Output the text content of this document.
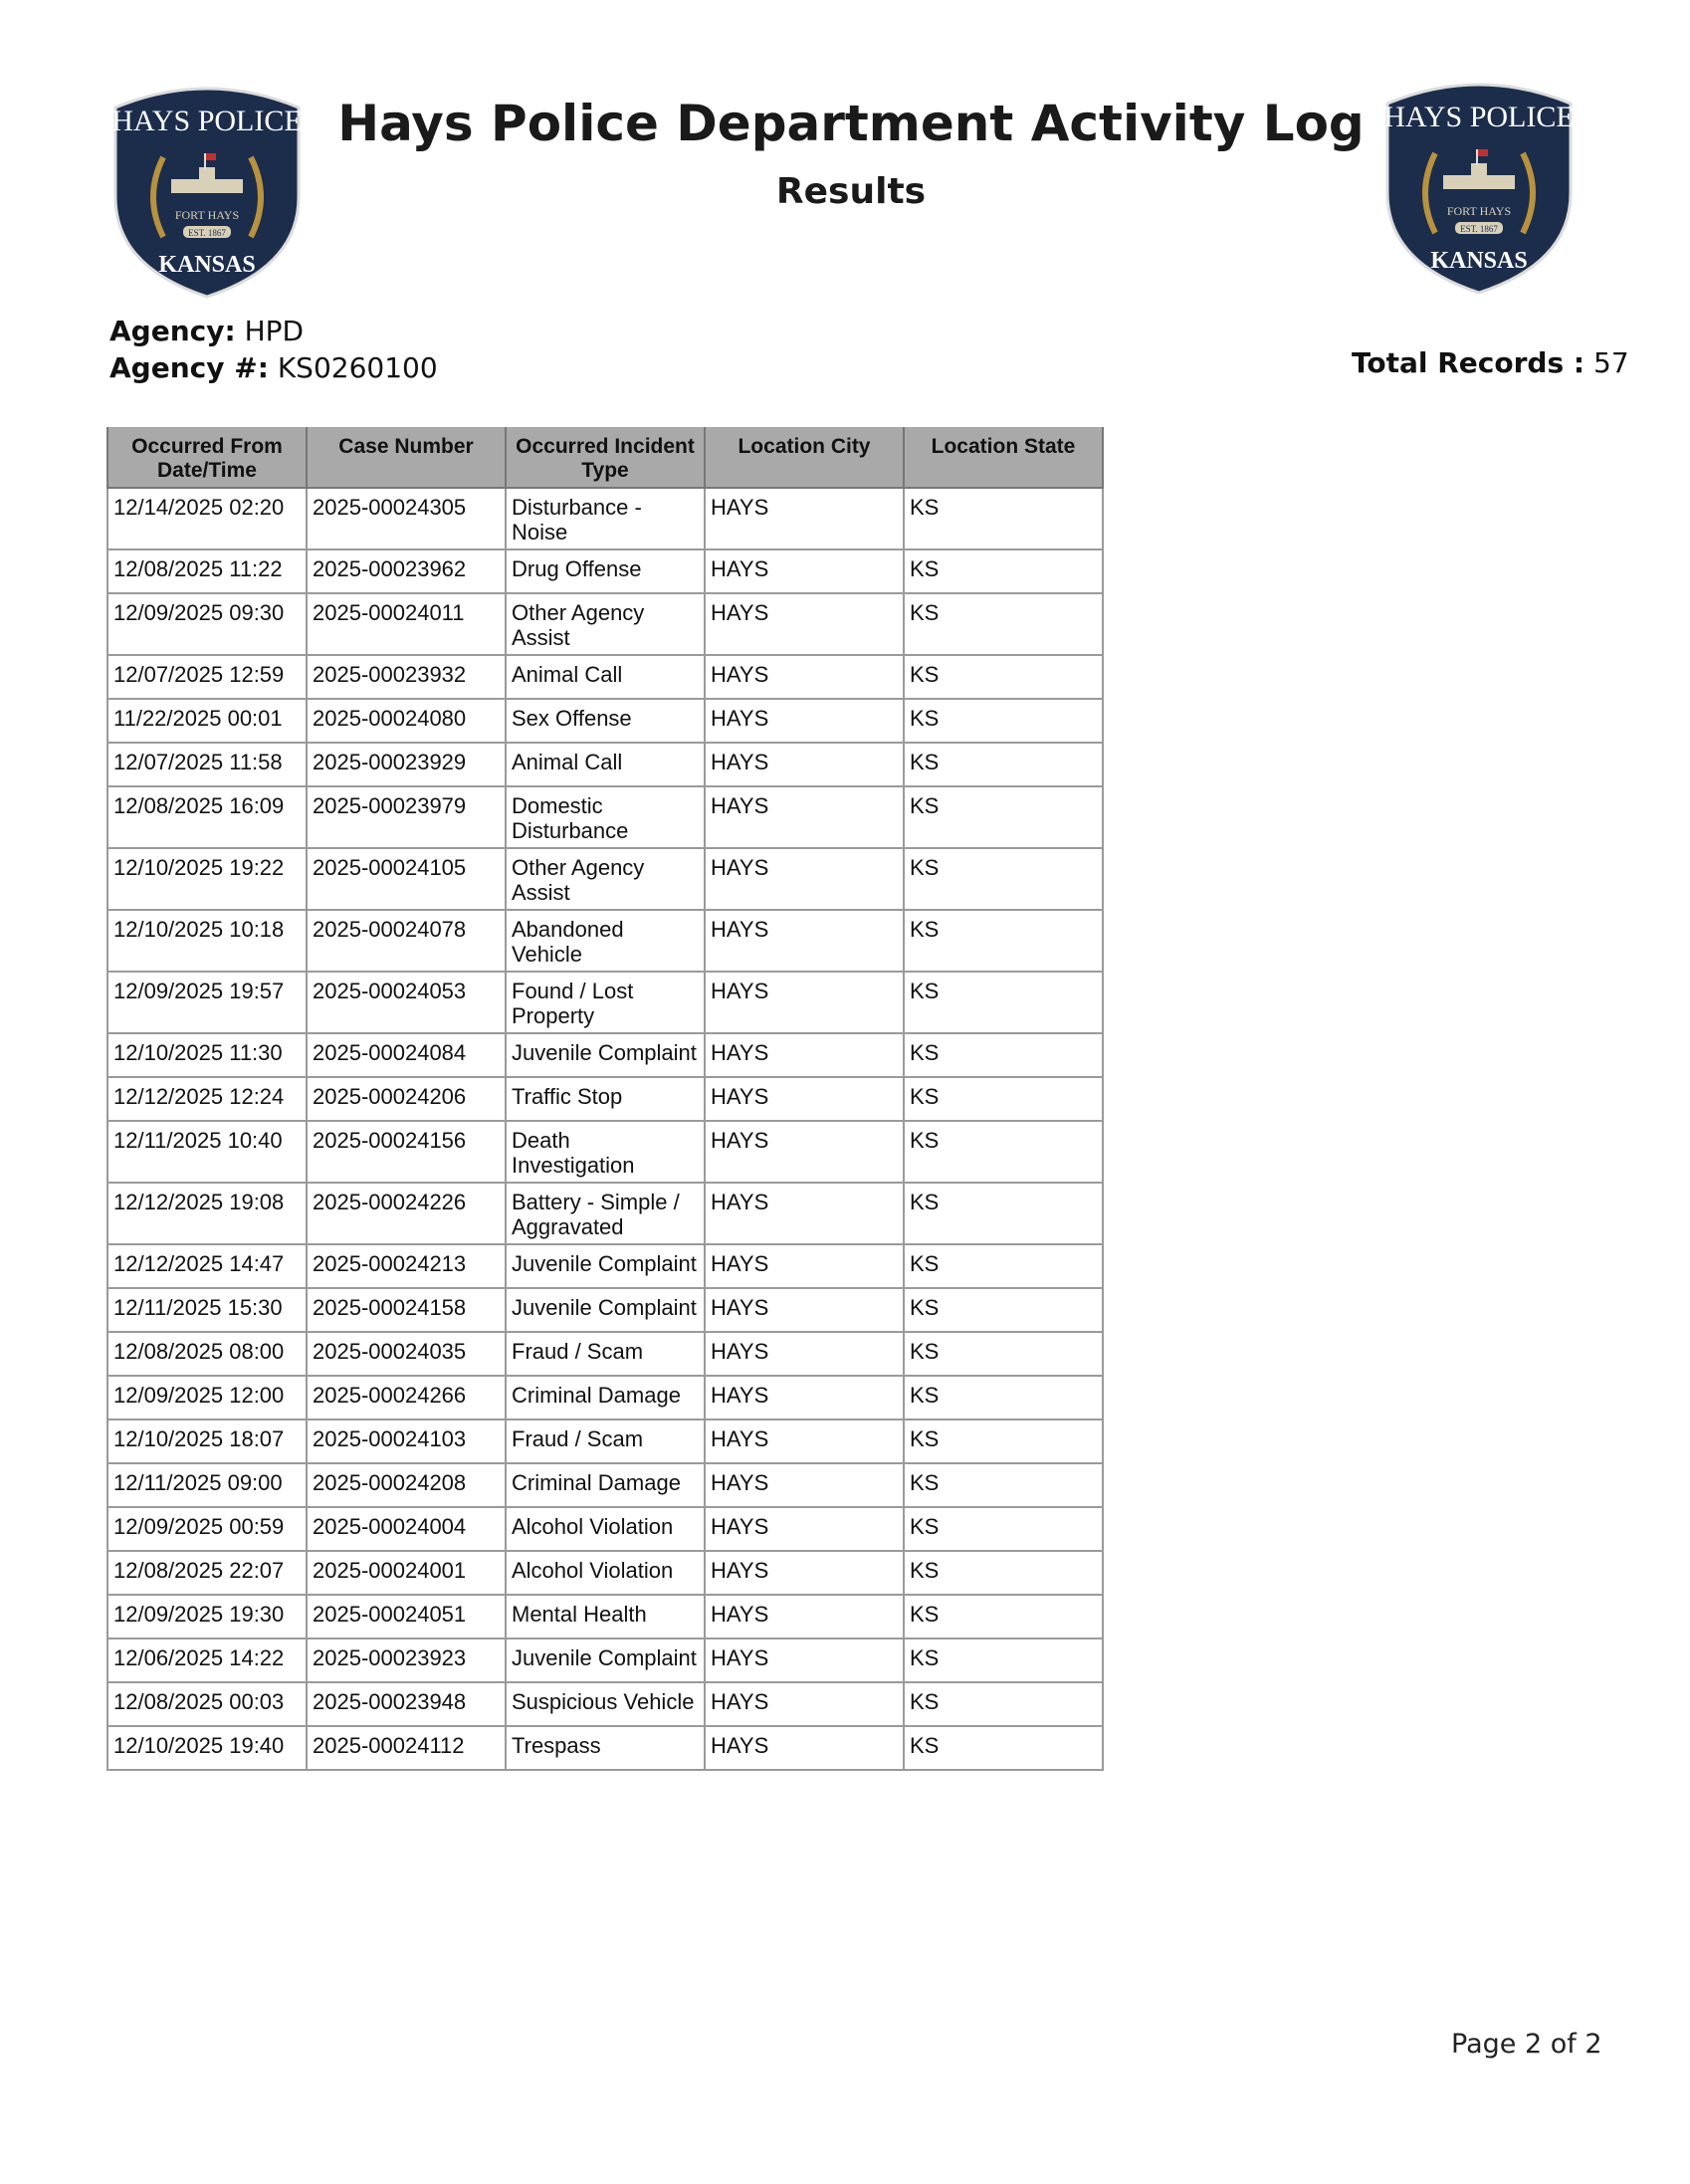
HAYS POLICE
FORT HAYS
EST. 1867
KANSAS
HAYS POLICE
FORT HAYS
EST. 1867
KANSAS
Hays Police Department Activity Log
Results
Agency: HPD
Agency #: KS0260100	Total Records : 57
Occurred From Date/Time	Case Number	Occurred Incident Type	Location City	Location State
12/14/2025 02:20	2025-00024305	Disturbance - Noise	HAYS	KS
12/08/2025 11:22	2025-00023962	Drug Offense	HAYS	KS
12/09/2025 09:30	2025-00024011	Other Agency Assist	HAYS	KS
12/07/2025 12:59	2025-00023932	Animal Call	HAYS	KS
11/22/2025 00:01	2025-00024080	Sex Offense	HAYS	KS
12/07/2025 11:58	2025-00023929	Animal Call	HAYS	KS
12/08/2025 16:09	2025-00023979	Domestic Disturbance	HAYS	KS
12/10/2025 19:22	2025-00024105	Other Agency Assist	HAYS	KS
12/10/2025 10:18	2025-00024078	Abandoned Vehicle	HAYS	KS
12/09/2025 19:57	2025-00024053	Found / Lost Property	HAYS	KS
12/10/2025 11:30	2025-00024084	Juvenile Complaint	HAYS	KS
12/12/2025 12:24	2025-00024206	Traffic Stop	HAYS	KS
12/11/2025 10:40	2025-00024156	Death Investigation	HAYS	KS
12/12/2025 19:08	2025-00024226	Battery - Simple / Aggravated	HAYS	KS
12/12/2025 14:47	2025-00024213	Juvenile Complaint	HAYS	KS
12/11/2025 15:30	2025-00024158	Juvenile Complaint	HAYS	KS
12/08/2025 08:00	2025-00024035	Fraud / Scam	HAYS	KS
12/09/2025 12:00	2025-00024266	Criminal Damage	HAYS	KS
12/10/2025 18:07	2025-00024103	Fraud / Scam	HAYS	KS
12/11/2025 09:00	2025-00024208	Criminal Damage	HAYS	KS
12/09/2025 00:59	2025-00024004	Alcohol Violation	HAYS	KS
12/08/2025 22:07	2025-00024001	Alcohol Violation	HAYS	KS
12/09/2025 19:30	2025-00024051	Mental Health	HAYS	KS
12/06/2025 14:22	2025-00023923	Juvenile Complaint	HAYS	KS
12/08/2025 00:03	2025-00023948	Suspicious Vehicle	HAYS	KS
12/10/2025 19:40	2025-00024112	Trespass	HAYS	KS
Page 2 of 2
